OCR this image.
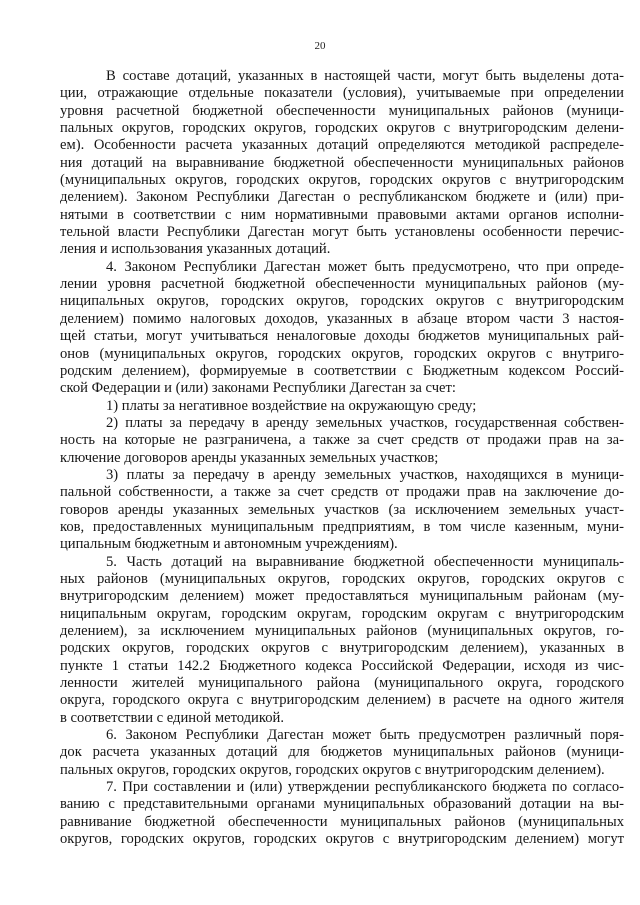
20
В составе дотаций, указанных в настоящей части, могут быть выделены дота-
ции, отражающие отдельные показатели (условия), учитываемые при определении
уровня расчетной бюджетной обеспеченности муниципальных районов (муници-
пальных округов, городских округов, городских округов с внутригородским делени-
ем). Особенности расчета указанных дотаций определяются методикой распределе-
ния дотаций на выравнивание бюджетной обеспеченности муниципальных районов
(муниципальных округов, городских округов, городских округов с внутригородским
делением). Законом Республики Дагестан о республиканском бюджете и (или) при-
нятыми в соответствии с ним нормативными правовыми актами органов исполни-
тельной власти Республики Дагестан могут быть установлены особенности перечис-
ления и использования указанных дотаций.
4. Законом Республики Дагестан может быть предусмотрено, что при опреде-
лении уровня расчетной бюджетной обеспеченности муниципальных районов (му-
ниципальных округов, городских округов, городских округов с внутригородским
делением) помимо налоговых доходов, указанных в абзаце втором части 3 настоя-
щей статьи, могут учитываться неналоговые доходы бюджетов муниципальных рай-
онов (муниципальных округов, городских округов, городских округов с внутриго-
родским делением), формируемые в соответствии с Бюджетным кодексом Россий-
ской Федерации и (или) законами Республики Дагестан за счет:
1) платы за негативное воздействие на окружающую среду;
2) платы за передачу в аренду земельных участков, государственная собствен-
ность на которые не разграничена, а также за счет средств от продажи прав на за-
ключение договоров аренды указанных земельных участков;
3) платы за передачу в аренду земельных участков, находящихся в муници-
пальной собственности, а также за счет средств от продажи прав на заключение до-
говоров аренды указанных земельных участков (за исключением земельных участ-
ков, предоставленных муниципальным предприятиям, в том числе казенным, муни-
ципальным бюджетным и автономным учреждениям).
5. Часть дотаций на выравнивание бюджетной обеспеченности муниципаль-
ных районов (муниципальных округов, городских округов, городских округов с
внутригородским делением) может предоставляться муниципальным районам (му-
ниципальным округам, городским округам, городским округам с внутригородским
делением), за исключением муниципальных районов (муниципальных округов, го-
родских округов, городских округов с внутригородским делением), указанных в
пункте 1 статьи 142.2 Бюджетного кодекса Российской Федерации, исходя из чис-
ленности жителей муниципального района (муниципального округа, городского
округа, городского округа с внутригородским делением) в расчете на одного жителя
в соответствии с единой методикой.
6. Законом Республики Дагестан может быть предусмотрен различный поря-
док расчета указанных дотаций для бюджетов муниципальных районов (муници-
пальных округов, городских округов, городских округов с внутригородским делением).
7. При составлении и (или) утверждении республиканского бюджета по согласо-
ванию с представительными органами муниципальных образований дотации на вы-
равнивание бюджетной обеспеченности муниципальных районов (муниципальных
округов, городских округов, городских округов с внутригородским делением) могут
